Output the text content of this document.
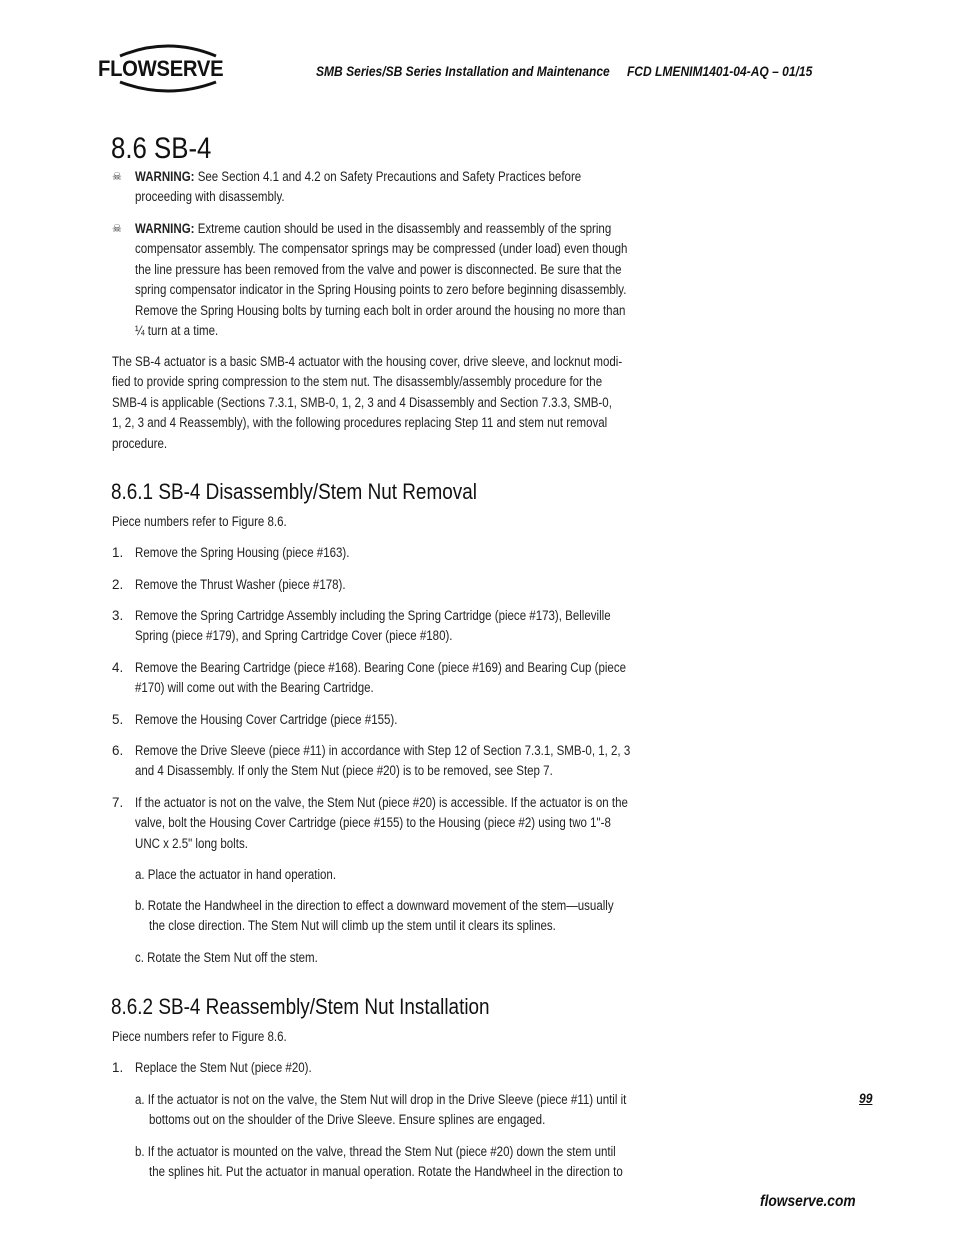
FLOWSERVE	SMB Series/SB Series Installation and Maintenance FCD LMENIM1401-04-AQ – 01/15
8.6 SB-4
☠ WARNING: See Section 4.1 and 4.2 on Safety Precautions and Safety Practices before
proceeding with disassembly.
☠ WARNING: Extreme caution should be used in the disassembly and reassembly of the spring
compensator assembly. The compensator springs may be compressed (under load) even though
the line pressure has been removed from the valve and power is disconnected. Be sure that the
spring compensator indicator in the Spring Housing points to zero before beginning disassembly.
Remove the Spring Housing bolts by turning each bolt in order around the housing no more than
¼ turn at a time.
The SB-4 actuator is a basic SMB-4 actuator with the housing cover, drive sleeve, and locknut modi-
fied to provide spring compression to the stem nut. The disassembly/assembly procedure for the
SMB-4 is applicable (Sections 7.3.1, SMB-0, 1, 2, 3 and 4 Disassembly and Section 7.3.3, SMB-0,
1, 2, 3 and 4 Reassembly), with the following procedures replacing Step 11 and stem nut removal
procedure.
8.6.1 SB-4 Disassembly/Stem Nut Removal
Piece numbers refer to Figure 8.6.
1. Remove the Spring Housing (piece #163).
2. Remove the Thrust Washer (piece #178).
3. Remove the Spring Cartridge Assembly including the Spring Cartridge (piece #173), Belleville
Spring (piece #179), and Spring Cartridge Cover (piece #180).
4. Remove the Bearing Cartridge (piece #168). Bearing Cone (piece #169) and Bearing Cup (piece
#170) will come out with the Bearing Cartridge.
5. Remove the Housing Cover Cartridge (piece #155).
6. Remove the Drive Sleeve (piece #11) in accordance with Step 12 of Section 7.3.1, SMB-0, 1, 2, 3
and 4 Disassembly. If only the Stem Nut (piece #20) is to be removed, see Step 7.
7. If the actuator is not on the valve, the Stem Nut (piece #20) is accessible. If the actuator is on the
valve, bolt the Housing Cover Cartridge (piece #155) to the Housing (piece #2) using two 1"-8
UNC x 2.5" long bolts.
a. Place the actuator in hand operation.
b. Rotate the Handwheel in the direction to effect a downward movement of the stem—usually
the close direction. The Stem Nut will climb up the stem until it clears its splines.
c. Rotate the Stem Nut off the stem.
8.6.2 SB-4 Reassembly/Stem Nut Installation
Piece numbers refer to Figure 8.6.
1. Replace the Stem Nut (piece #20).
a. If the actuator is not on the valve, the Stem Nut will drop in the Drive Sleeve (piece #11) until it
bottoms out on the shoulder of the Drive Sleeve. Ensure splines are engaged.
b. If the actuator is mounted on the valve, thread the Stem Nut (piece #20) down the stem until
the splines hit. Put the actuator in manual operation. Rotate the Handwheel in the direction to
99
flowserve.com
